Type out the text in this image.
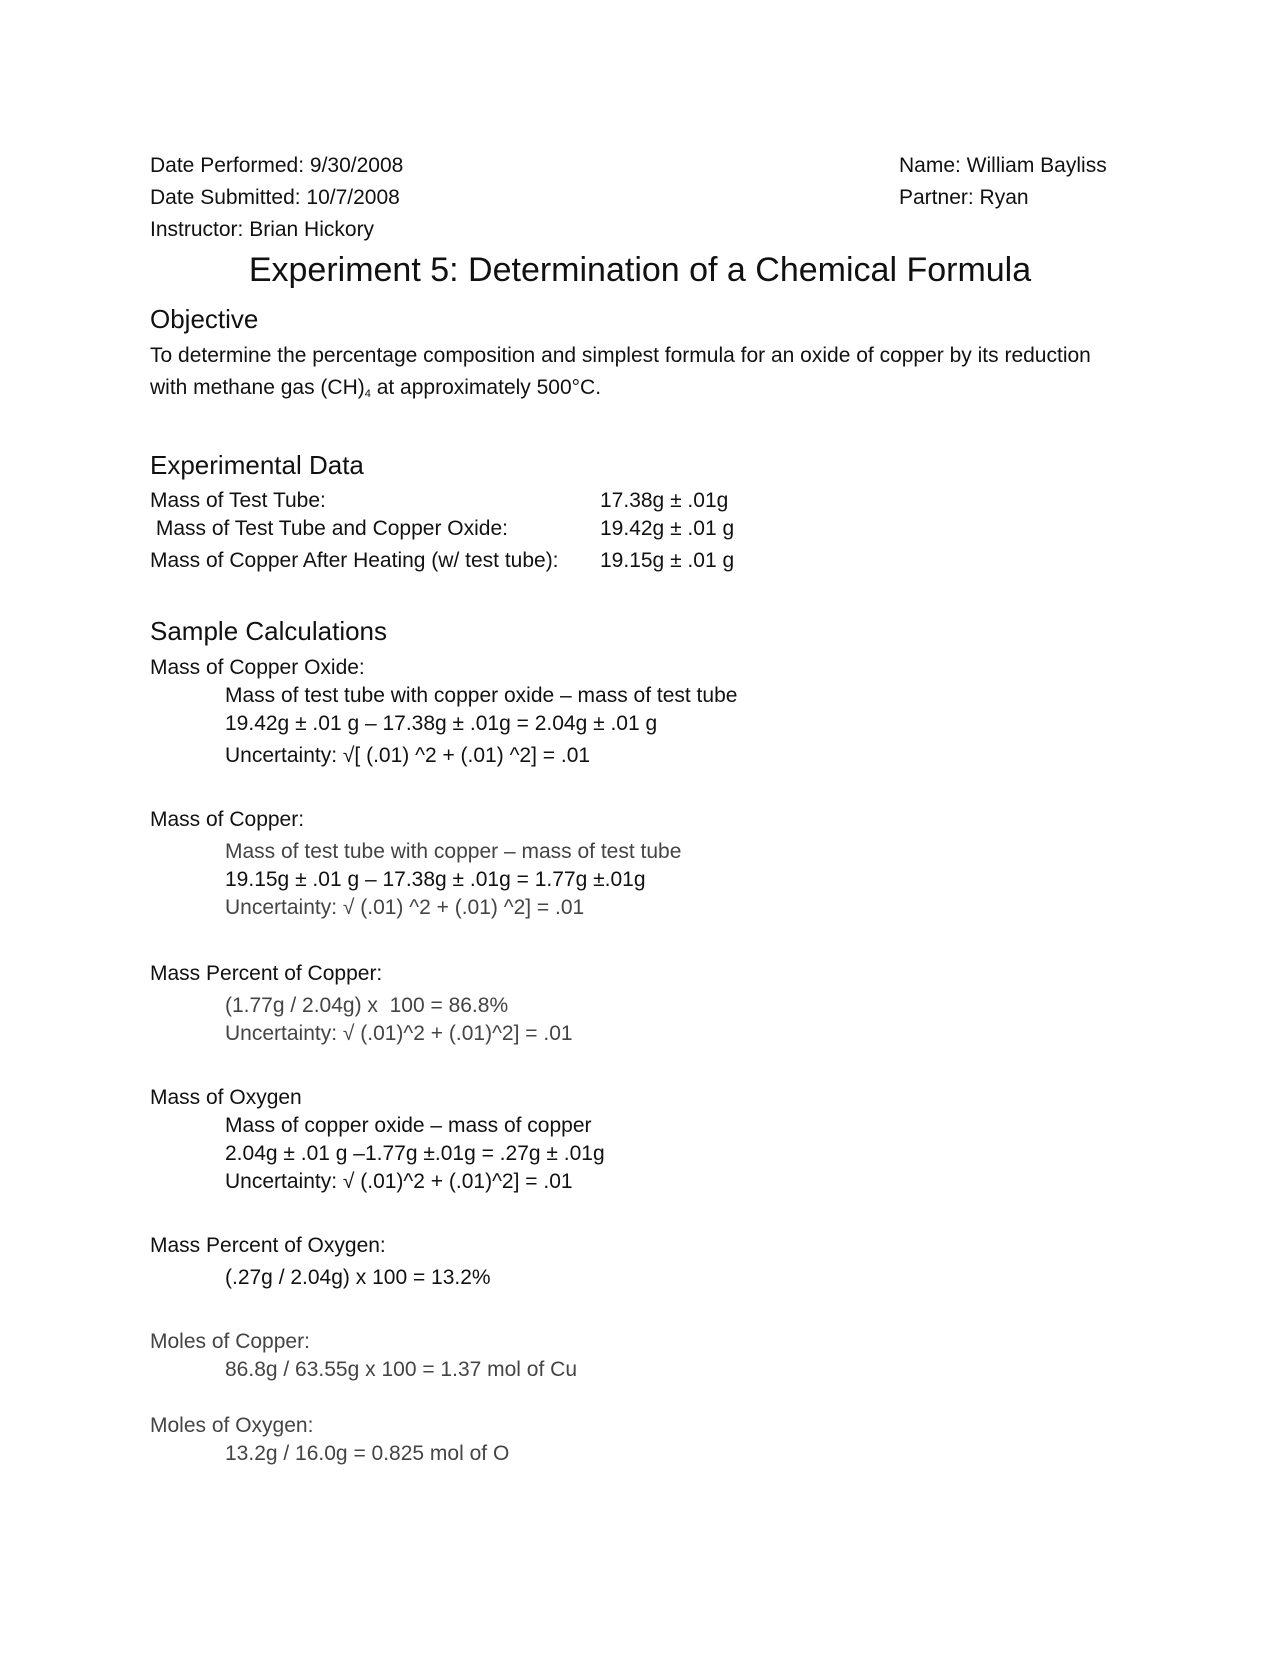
Date Performed: 9/30/2008
Date Submitted: 10/7/2008
Instructor: Brian Hickory
Name: William Bayliss
Partner: Ryan
Experiment 5: Determination of a Chemical Formula
Objective
To determine the percentage composition and simplest formula for an oxide of copper by its reduction
with methane gas $(CH)_4$ at approximately 500°C.
Experimental Data
Mass of Test Tube:	17.38g ± .01g
Mass of Test Tube and Copper Oxide:	19.42g ± .01 g
Mass of Copper After Heating (w/ test tube): 19.15g ± .01 g
Sample Calculations
Mass of Copper Oxide:
Mass of test tube with copper oxide – mass of test tube
19.42g ± .01 g – 17.38g ± .01g = 2.04g ± .01 g
Uncertainty: √[ (.01) ^2 + (.01) ^2] = .01
Mass of Copper:
Mass of test tube with copper – mass of test tube
19.15g ± .01 g – 17.38g ± .01g = 1.77g ±.01g
Uncertainty: √ (.01) ^2 + (.01) ^2] = .01
Mass Percent of Copper:
(1.77g / 2.04g) x  100 = 86.8%
Uncertainty: √ (.01)^2 + (.01)^2] = .01
Mass of Oxygen
Mass of copper oxide – mass of copper
2.04g ± .01 g –1.77g ±.01g = .27g ± .01g
Uncertainty: √ (.01)^2 + (.01)^2] = .01
Mass Percent of Oxygen:
(.27g / 2.04g) x 100 = 13.2%
Moles of Copper:
86.8g / 63.55g x 100 = 1.37 mol of Cu
Moles of Oxygen:
13.2g / 16.0g = 0.825 mol of O
